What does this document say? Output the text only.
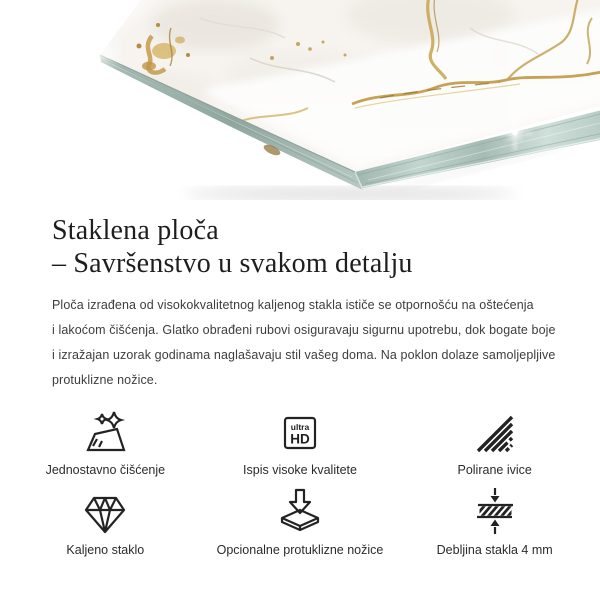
Staklena ploča
– Savršenstvo u svakom detalju
Ploča izrađena od visokokvalitetnog kaljenog stakla ističe se otpornošću na oštećenja
i lakoćom čišćenja. Glatko obrađeni rubovi osiguravaju sigurnu upotrebu, dok bogate boje
i izražajan uzorak godinama naglašavaju stil vašeg doma. Na poklon dolaze samoljepljive
protuklizne nožice.
Jednostavno čišćenje
ultra
HD
Ispis visoke kvalitete	Polirane ivice
Kaljeno staklo	Opcionalne protuklizne nožice	Debljina stakla 4 mm
